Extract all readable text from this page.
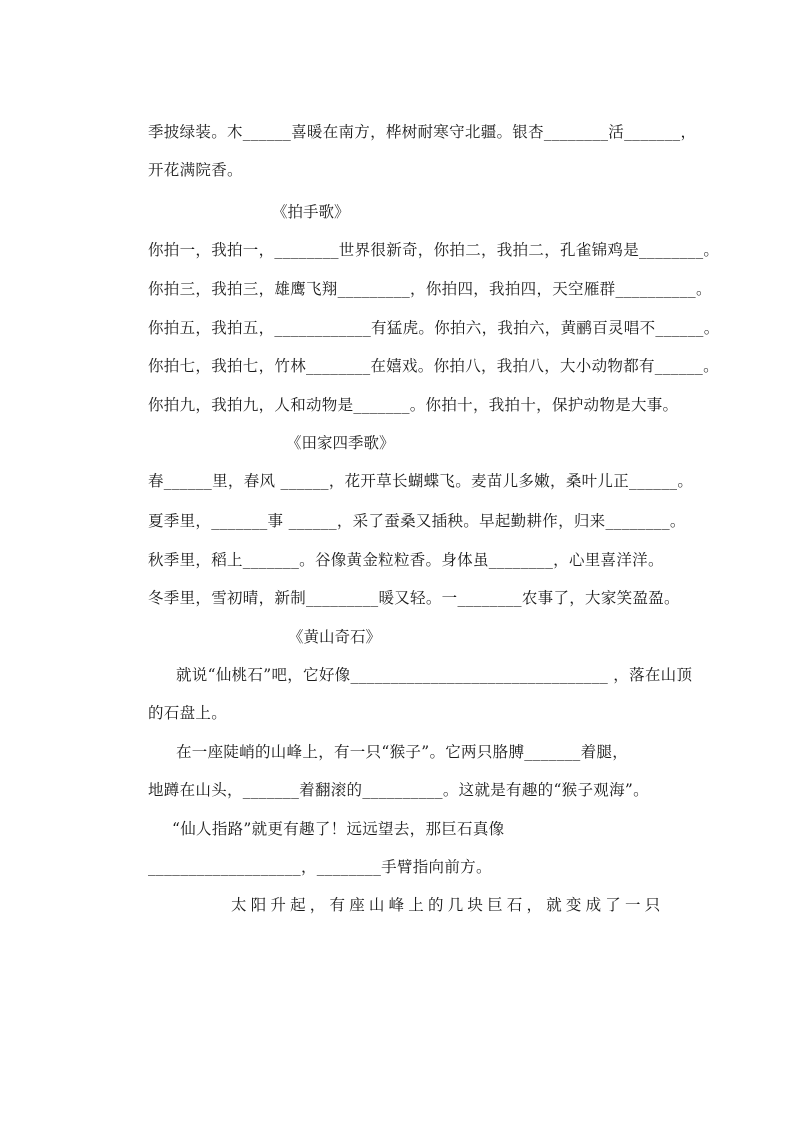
季披绿装。木______喜暖在南方，桦树耐寒守北疆。银杏________活_______，
开花满院香。
《拍手歌》
你拍一，我拍一，________世界很新奇，你拍二，我拍二，孔雀锦鸡是________。
你拍三，我拍三，雄鹰飞翔_________，你拍四，我拍四，天空雁群__________。
你拍五，我拍五，____________有猛虎。你拍六，我拍六，黄鹂百灵唱不______。
你拍七，我拍七，竹林________在嬉戏。你拍八，我拍八，大小动物都有______。
你拍九，我拍九，人和动物是_______。你拍十，我拍十，保护动物是大事。
《田家四季歌》
春______里，春风 ______，花开草长蝴蝶飞。麦苗儿多嫩，桑叶儿正______。
夏季里，_______事 ______，采了蚕桑又插秧。早起勤耕作，归来________。
秋季里，稻上_______。谷像黄金粒粒香。身体虽________，心里喜洋洋。
冬季里，雪初晴，新制_________暖又轻。一________农事了，大家笑盈盈。
《黄山奇石》
就说“仙桃石”吧，它好像________________________________ ，落在山顶
的石盘上。
在一座陡峭的山峰上，有一只“猴子”。它两只胳膊_______着腿，
地蹲在山头，_______着翻滚的__________。这就是有趣的“猴子观海”。
“仙人指路”就更有趣了！远远望去，那巨石真像
___________________，________手臂指向前方。
太阳升起，有座山峰上的几块巨石，就变成了一只
